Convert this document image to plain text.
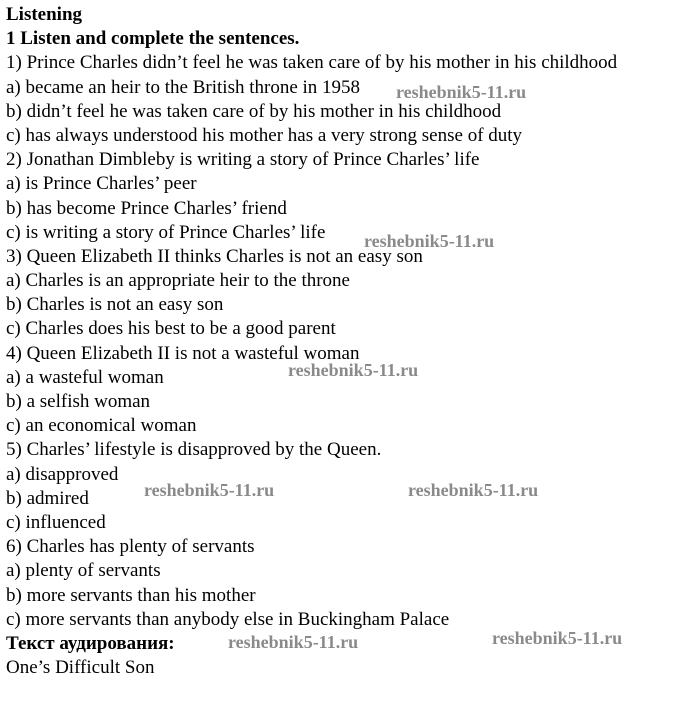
Listening
1 Listen and complete the sentences.
1) Prince Charles didn’t feel he was taken care of by his mother in his childhood
a) became an heir to the British throne in 1958
b) didn’t feel he was taken care of by his mother in his childhood
c) has always understood his mother has a very strong sense of duty
2) Jonathan Dimbleby is writing a story of Prince Charles’ life
a) is Prince Charles’ peer
b) has become Prince Charles’ friend
c) is writing a story of Prince Charles’ life
3) Queen Elizabeth II thinks Charles is not an easy son
a) Charles is an appropriate heir to the throne
b) Charles is not an easy son
c) Charles does his best to be a good parent
4) Queen Elizabeth II is not a wasteful woman
a) a wasteful woman
b) a selfish woman
c) an economical woman
5) Charles’ lifestyle is disapproved by the Queen.
a) disapproved
b) admired
c) influenced
6) Charles has plenty of servants
a) plenty of servants
b) more servants than his mother
c) more servants than anybody else in Buckingham Palace
Текст аудирования:
One’s Difficult Son
reshebnik5-11.ru
reshebnik5-11.ru
reshebnik5-11.ru
reshebnik5-11.ru	reshebnik5-11.ru
reshebnik5-11.ru	reshebnik5-11.ru
